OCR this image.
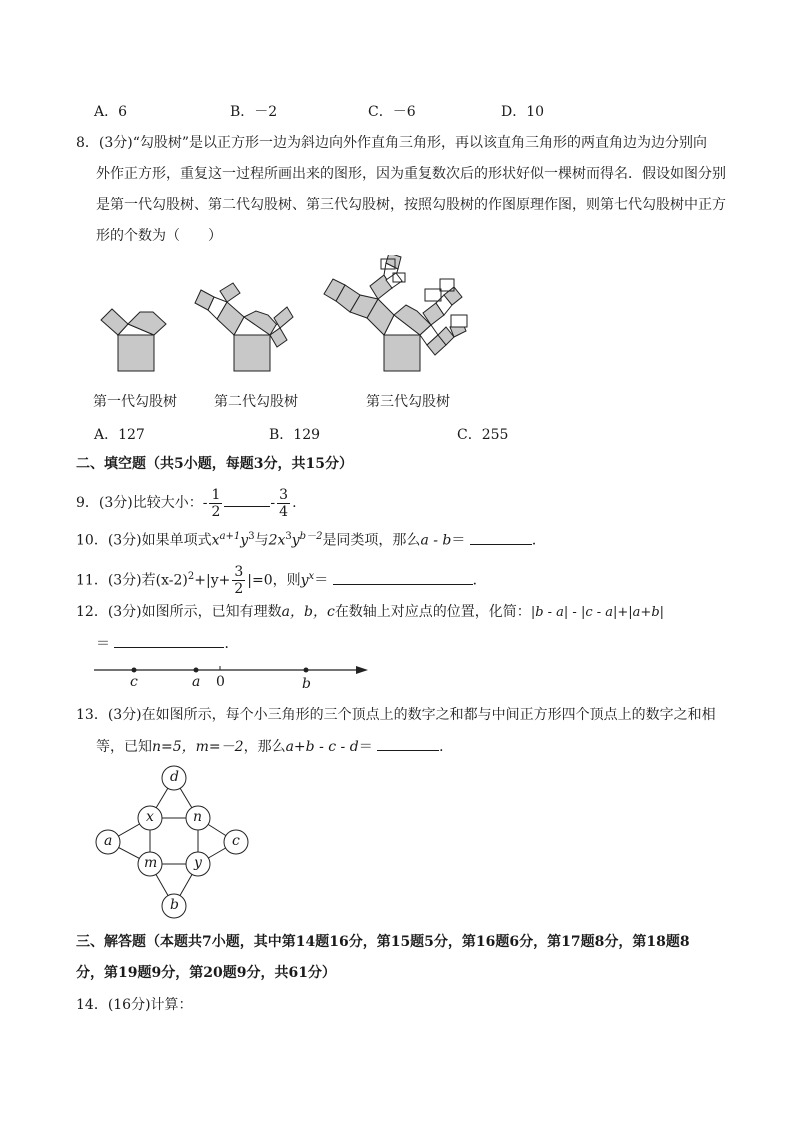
A．6	B．－2	C．－6	D．10
8．(3分)“勾股树”是以正方形一边为斜边向外作直角三角形，再以该直角三角形的两直角边为边分别向
外作正方形，重复这一过程所画出来的图形，因为重复数次后的形状好似一棵树而得名．假设如图分别
是第一代勾股树、第二代勾股树、第三代勾股树，按照勾股树的作图原理作图，则第七代勾股树中正方
形的个数为（　　）
第一代勾股树	第二代勾股树	第三代勾股树
A．127	B．129	C．255
二、填空题（共5小题，每题3分，共15分）
9．(3分)比较大小：- $\frac{1}{2}$	- $\frac{3}{4}$ .
10．(3分)如果单项式$x^{a+1}y^3$与$2x^3y^{b-2}$是同类项，那么a - b＝	．
11．(3分)若$(x-2)^2+|y+ \frac{3}{2} |=0$，则$y^x=$	．
12．(3分)如图所示，已知有理数a，b，c在数轴上对应点的位置，化简：|b - a| - |c - a|+|a+b|
＝	．
c	a 0	b
13．(3分)在如图所示，每个小三角形的三个顶点上的数字之和都与中间正方形四个顶点上的数字之和相
等，已知n=5，m=－2，那么a+b - c - d＝	．
d
x	n
a	c
m	y
b
三、解答题（本题共7小题，其中第14题16分，第15题5分，第16题6分，第17题8分，第18题8
分，第19题9分，第20题9分，共61分）
14．(16分)计算：
